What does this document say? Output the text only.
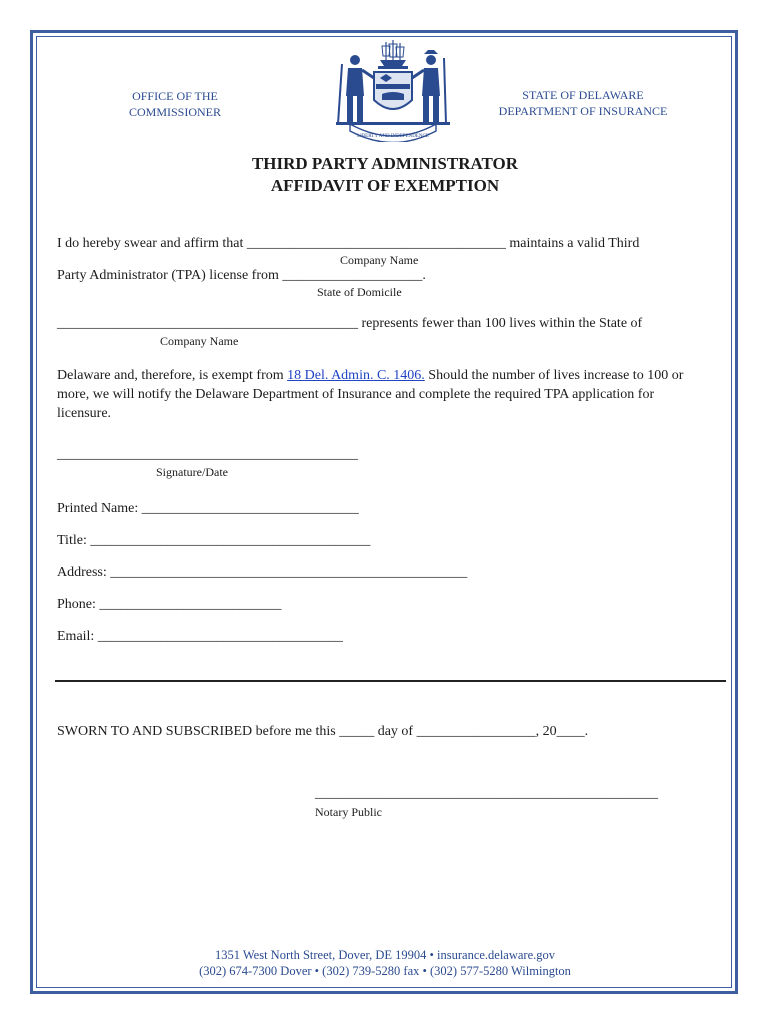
OFFICE OF THE
COMMISSIONER
STATE OF DELAWARE
DEPARTMENT OF INSURANCE
LIBERTY AND INDEPENDENCE
THIRD PARTY ADMINISTRATOR
AFFIDAVIT OF EXEMPTION
I do hereby swear and affirm that _____________________________________ maintains a valid Third
Company Name
Party Administrator (TPA) license from ____________________.
State of Domicile
___________________________________________ represents fewer than 100 lives within the State of
Company Name
Delaware and, therefore, is exempt from 18 Del. Admin. C. 1406. Should the number of lives increase to 100 or
more, we will notify the Delaware Department of Insurance and complete the required TPA application for
licensure.
___________________________________________
Signature/Date
Printed Name: _______________________________
Title: ________________________________________
Address: ___________________________________________________
Phone: __________________________
Email: ___________________________________
SWORN TO AND SUBSCRIBED before me this _____ day of _________________, 20____.
_________________________________________________
Notary Public
1351 West North Street, Dover, DE 19904 • insurance.delaware.gov
(302) 674-7300 Dover • (302) 739-5280 fax • (302) 577-5280 Wilmington
